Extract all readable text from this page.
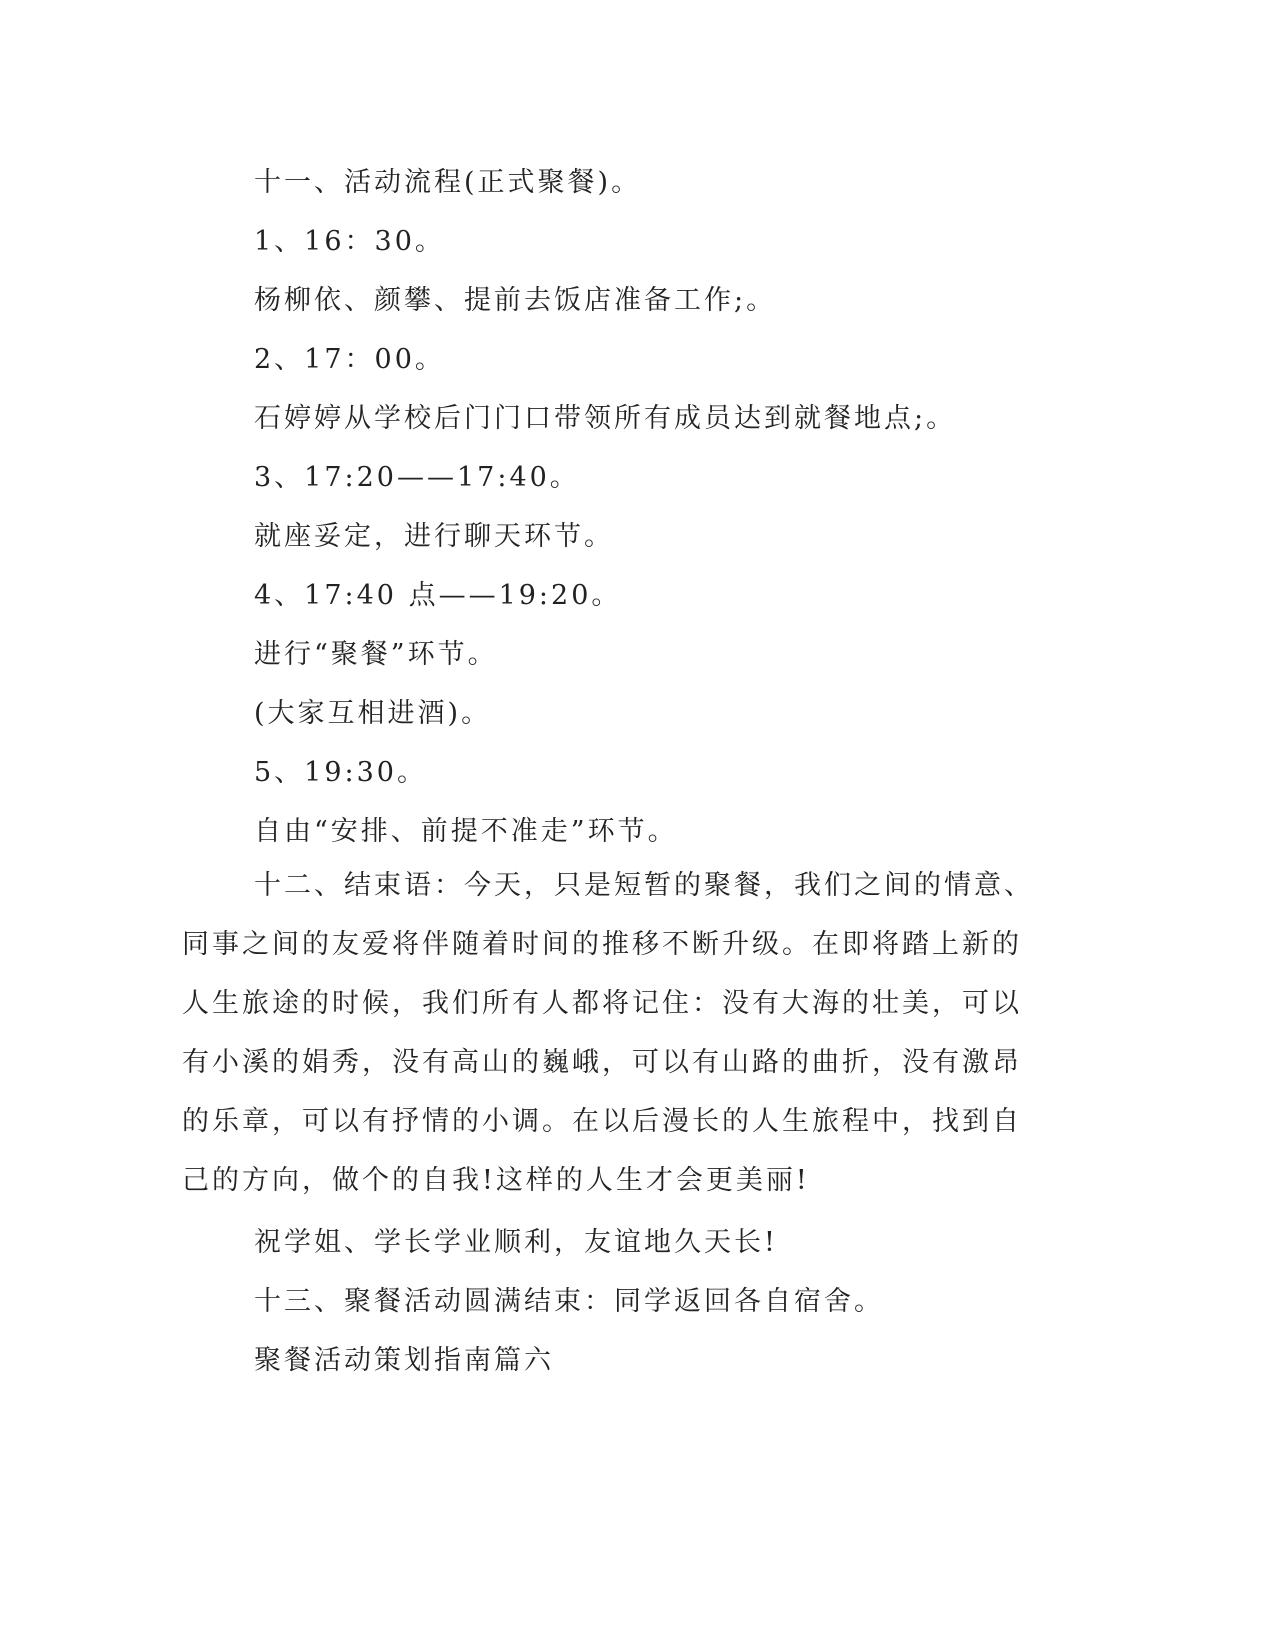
十一、活动流程(正式聚餐)。
1、16：30。
杨柳依、颜攀、提前去饭店准备工作;。
2、17：00。
石婷婷从学校后门门口带领所有成员达到就餐地点;。
3、17:20——17:40。
就座妥定，进行聊天环节。
4、17:40 点——19:20。
进行“聚餐”环节。
(大家互相进酒)。
5、19:30。
自由“安排、前提不准走”环节。
十二、结束语：今天，只是短暂的聚餐，我们之间的情意、同事之间的友爱将伴随着时间的推移不断升级。在即将踏上新的人生旅途的时候，我们所有人都将记住：没有大海的壮美，可以有小溪的娟秀，没有高山的巍峨，可以有山路的曲折，没有激昂的乐章，可以有抒情的小调。在以后漫长的人生旅程中，找到自己的方向，做个的自我!这样的人生才会更美丽!
祝学姐、学长学业顺利，友谊地久天长!
十三、聚餐活动圆满结束：同学返回各自宿舍。
聚餐活动策划指南篇六
